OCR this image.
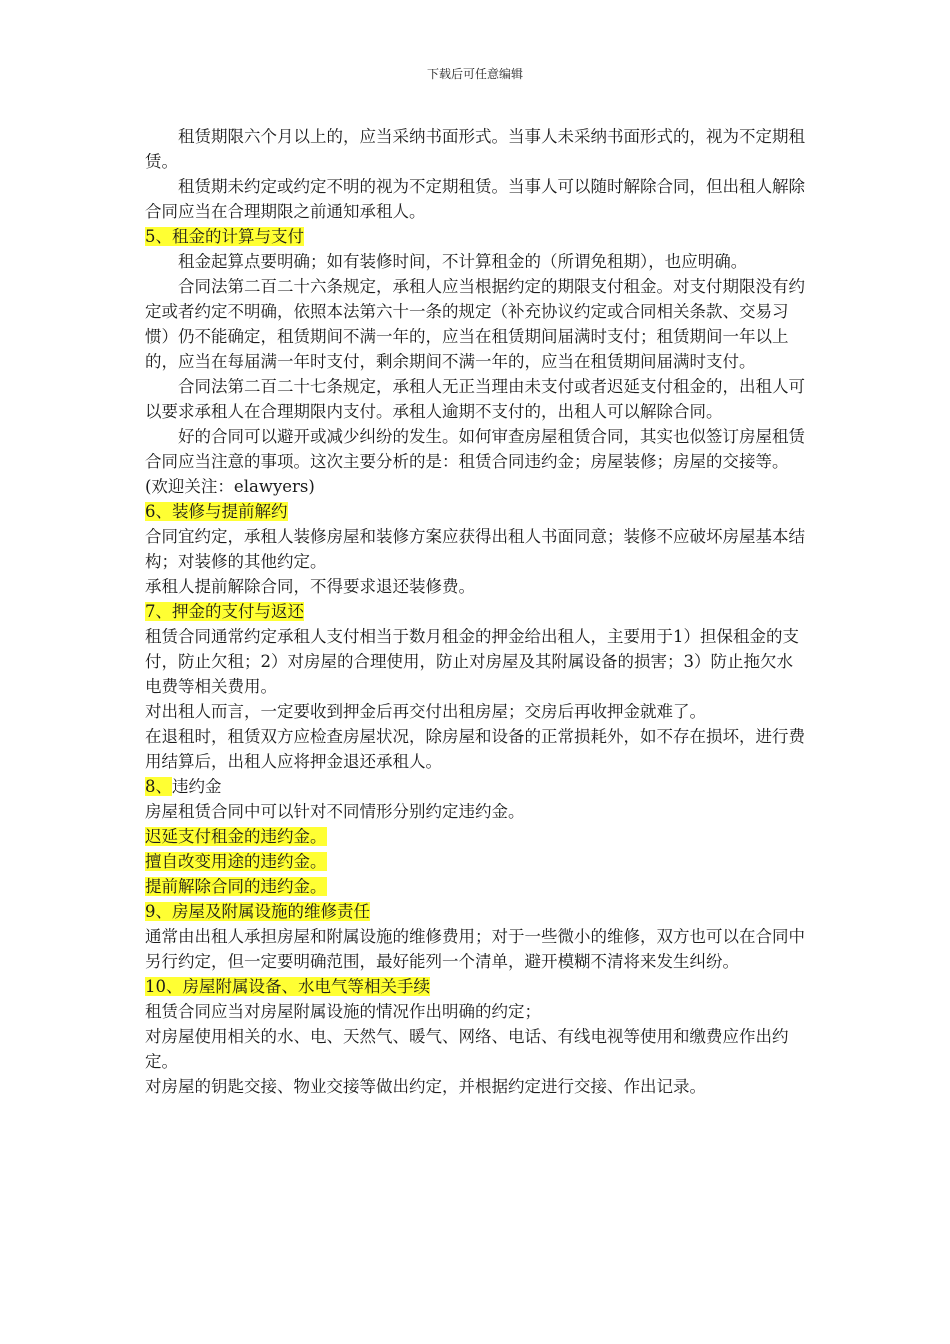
下载后可任意编辑

租赁期限六个月以上的，应当采纳书面形式。当事人未采纳书面形式的，视为不定期租赁。

租赁期未约定或约定不明的视为不定期租赁。当事人可以随时解除合同，但出租人解除合同应当在合理期限之前通知承租人。

5、租金的计算与支付

租金起算点要明确；如有装修时间，不计算租金的（所谓免租期），也应明确。

合同法第二百二十六条规定，承租人应当根据约定的期限支付租金。对支付期限没有约定或者约定不明确，依照本法第六十一条的规定（补充协议约定或合同相关条款、交易习惯）仍不能确定，租赁期间不满一年的，应当在租赁期间届满时支付；租赁期间一年以上的，应当在每届满一年时支付，剩余期间不满一年的，应当在租赁期间届满时支付。

合同法第二百二十七条规定，承租人无正当理由未支付或者迟延支付租金的，出租人可以要求承租人在合理期限内支付。承租人逾期不支付的，出租人可以解除合同。

好的合同可以避开或减少纠纷的发生。如何审查房屋租赁合同，其实也似签订房屋租赁合同应当注意的事项。这次主要分析的是：租赁合同违约金；房屋装修；房屋的交接等。(欢迎关注：elawyers)

6、装修与提前解约

合同宜约定，承租人装修房屋和装修方案应获得出租人书面同意；装修不应破坏房屋基本结构；对装修的其他约定。

承租人提前解除合同，不得要求退还装修费。

7、押金的支付与返还

租赁合同通常约定承租人支付相当于数月租金的押金给出租人，主要用于1）担保租金的支付，防止欠租；2）对房屋的合理使用，防止对房屋及其附属设备的损害；3）防止拖欠水电费等相关费用。

对出租人而言，一定要收到押金后再交付出租房屋；交房后再收押金就难了。

在退租时，租赁双方应检查房屋状况，除房屋和设备的正常损耗外，如不存在损坏，进行费用结算后，出租人应将押金退还承租人。

8、违约金

房屋租赁合同中可以针对不同情形分别约定违约金。

迟延支付租金的违约金。

擅自改变用途的违约金。

提前解除合同的违约金。

9、房屋及附属设施的维修责任

通常由出租人承担房屋和附属设施的维修费用；对于一些微小的维修，双方也可以在合同中另行约定，但一定要明确范围，最好能列一个清单，避开模糊不清将来发生纠纷。

10、房屋附属设备、水电气等相关手续

租赁合同应当对房屋附属设施的情况作出明确的约定；

对房屋使用相关的水、电、天然气、暖气、网络、电话、有线电视等使用和缴费应作出约定。

对房屋的钥匙交接、物业交接等做出约定，并根据约定进行交接、作出记录。
